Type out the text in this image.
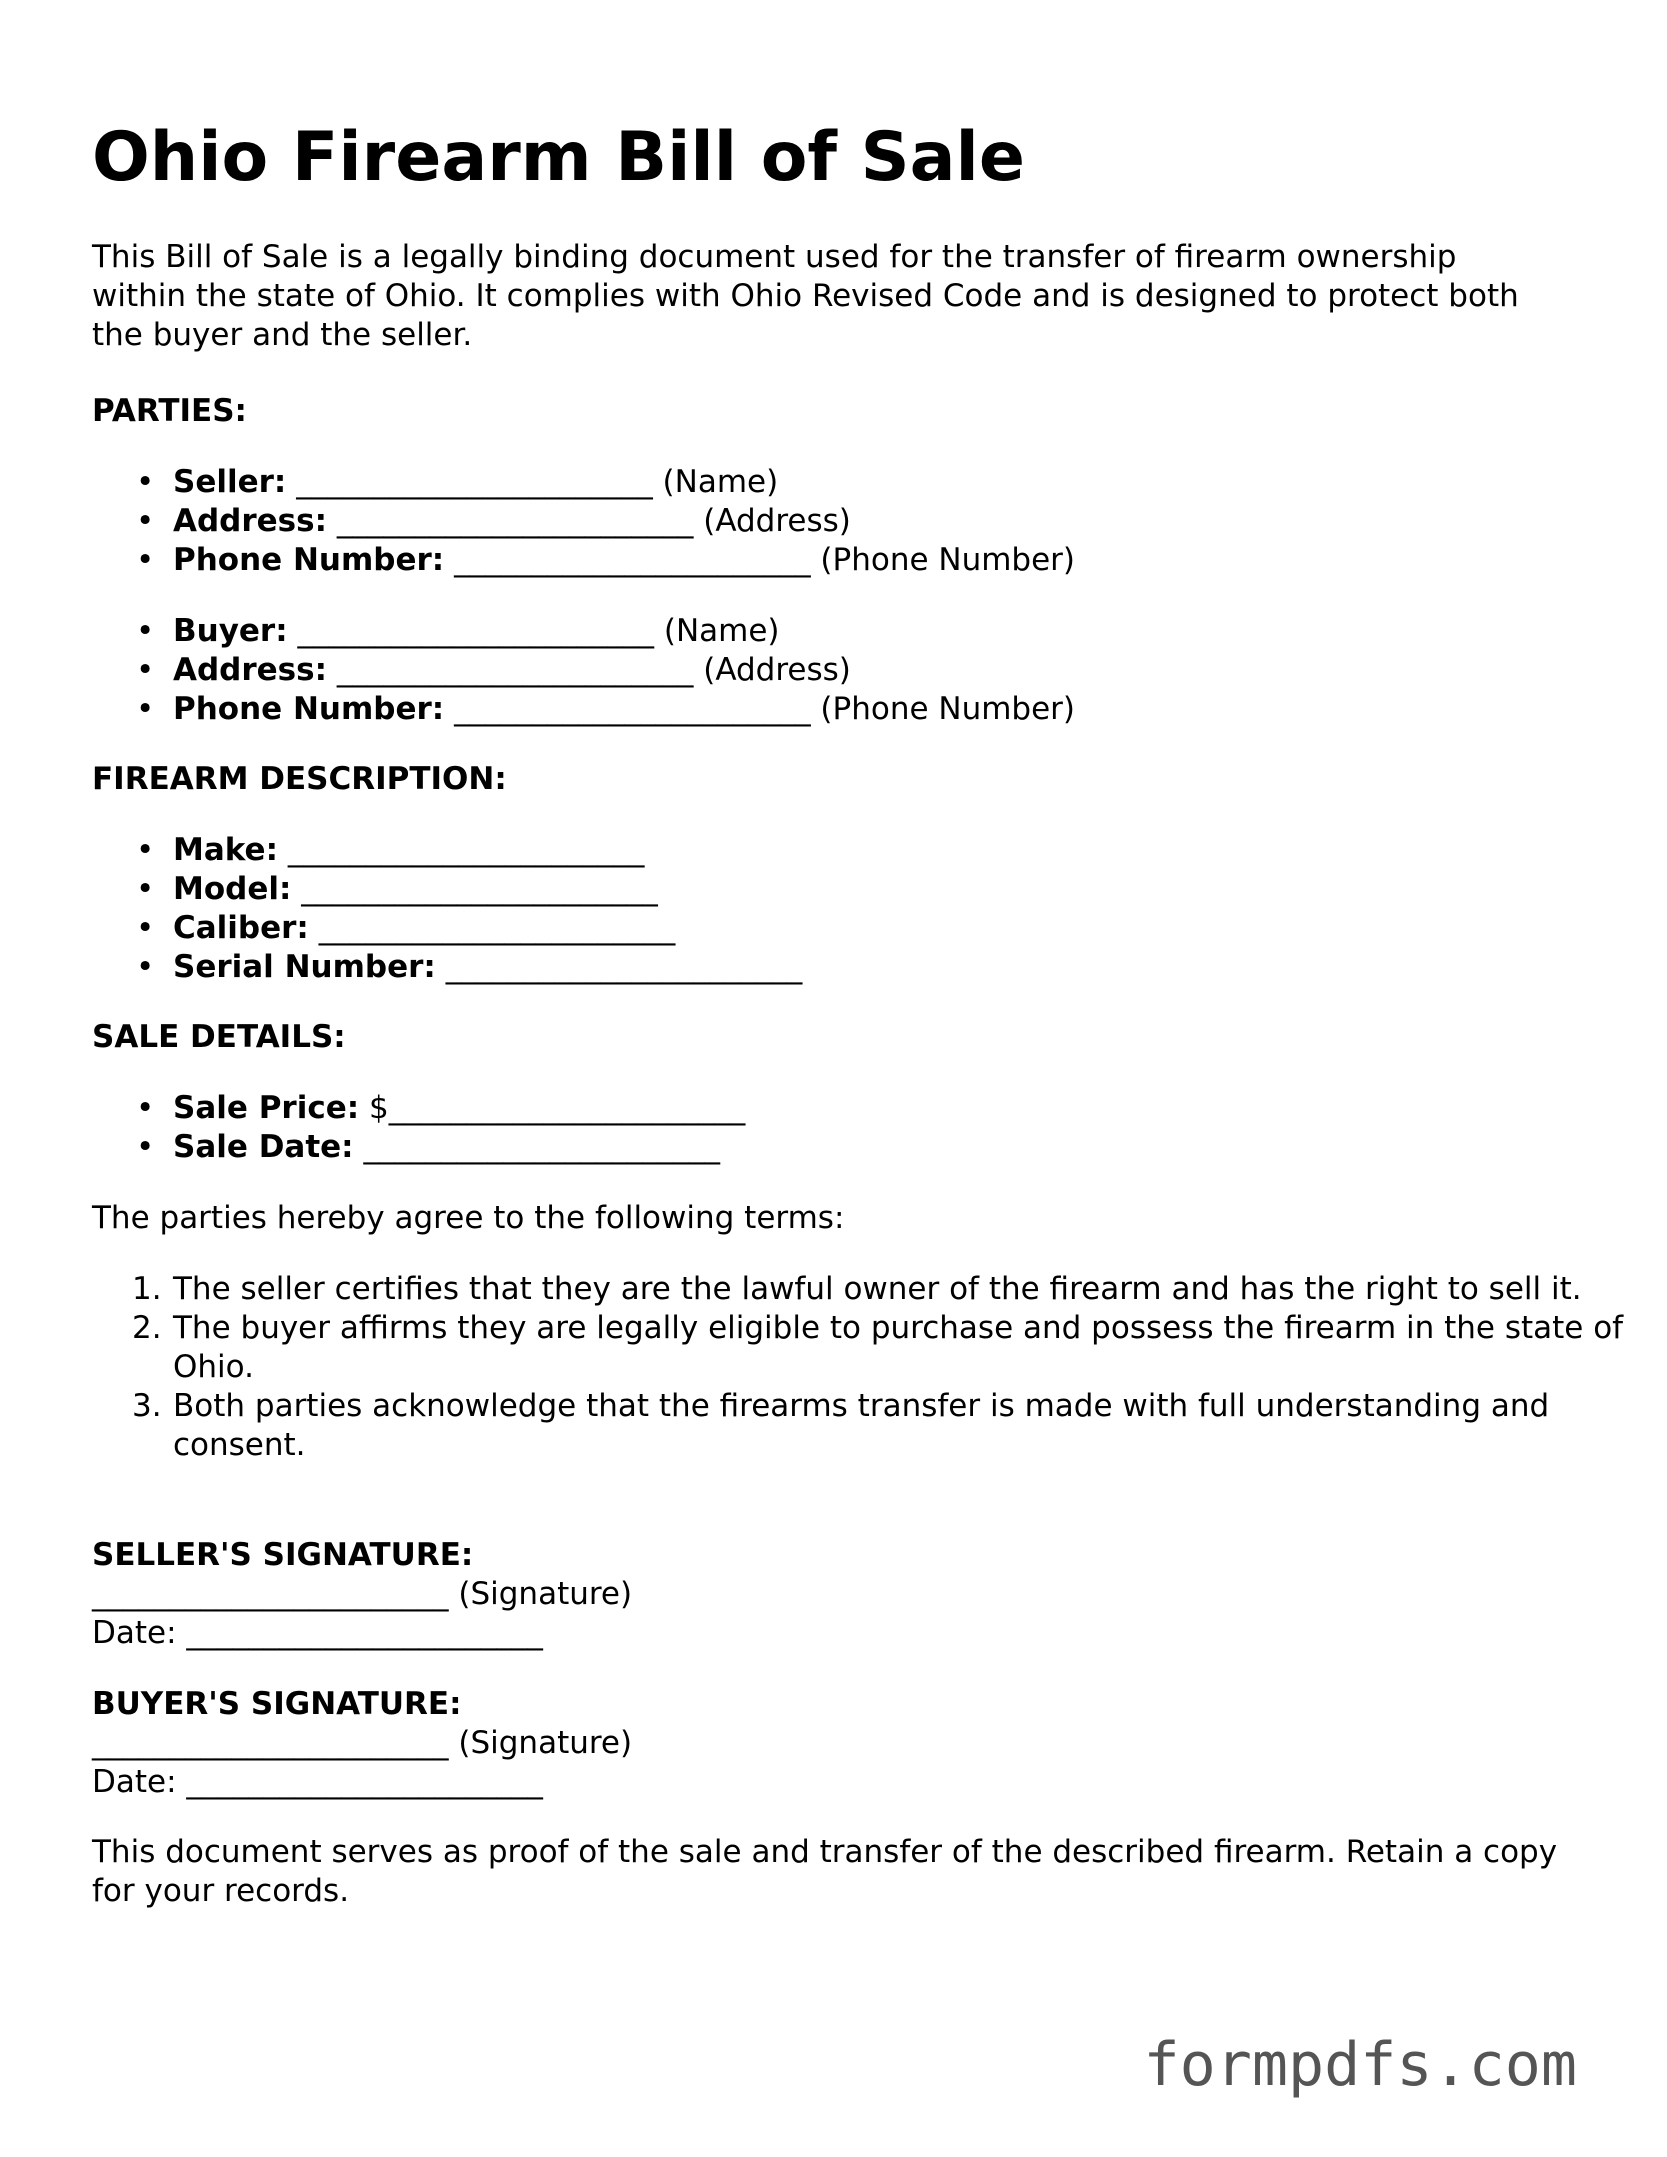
Ohio Firearm Bill of Sale

This Bill of Sale is a legally binding document used for the transfer of firearm ownership within the state of Ohio. It complies with Ohio Revised Code and is designed to protect both the buyer and the seller.

PARTIES:
• Seller: _______________________ (Name)
• Address: _______________________ (Address)
• Phone Number: _______________________ (Phone Number)
• Buyer: _______________________ (Name)
• Address: _______________________ (Address)
• Phone Number: _______________________ (Phone Number)
FIREARM DESCRIPTION:
• Make: _______________________
• Model: _______________________
• Caliber: _______________________
• Serial Number: _______________________
SALE DETAILS:
• Sale Price: $_______________________
• Sale Date: _______________________
The parties hereby agree to the following terms:
1. The seller certifies that they are the lawful owner of the firearm and has the right to sell it.
2. The buyer affirms they are legally eligible to purchase and possess the firearm in the state of Ohio.
3. Both parties acknowledge that the firearms transfer is made with full understanding and consent.
SELLER'S SIGNATURE:
_______________________ (Signature)
Date: _______________________
BUYER'S SIGNATURE:
_______________________ (Signature)
Date: _______________________

This document serves as proof of the sale and transfer of the described firearm. Retain a copy for your records.

formpdfs.com
